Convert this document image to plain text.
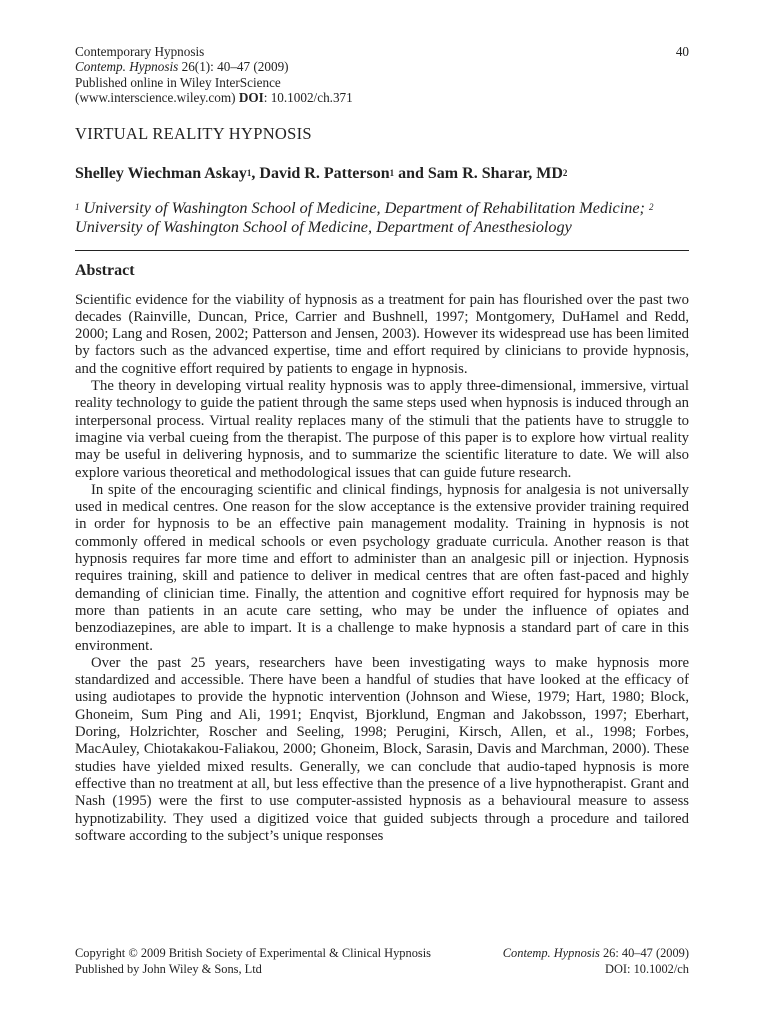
Contemporary Hypnosis	40
Contemp. Hypnosis 26(1): 40–47 (2009)
Published online in Wiley InterScience
(www.interscience.wiley.com) DOI: 10.1002/ch.371
VIRTUAL REALITY HYPNOSIS
Shelley Wiechman Askay$^1$, David R. Patterson$^1$ and Sam R. Sharar, $MD^2$
$^1$ University of Washington School of Medicine, Department of Rehabilitation Medicine; $^2$ University of Washington School of Medicine, Department of Anesthesiology
Abstract

Scientific evidence for the viability of hypnosis as a treatment for pain has flourished over the past two decades (Rainville, Duncan, Price, Carrier and Bushnell, 1997; Montgomery, DuHamel and Redd, 2000; Lang and Rosen, 2002; Patterson and Jensen, 2003). However its widespread use has been limited by factors such as the advanced expertise, time and effort required by clinicians to provide hypnosis, and the cognitive effort required by patients to engage in hypnosis.

The theory in developing virtual reality hypnosis was to apply three-dimensional, immersive, virtual reality technology to guide the patient through the same steps used when hypnosis is induced through an interpersonal process. Virtual reality replaces many of the stimuli that the patients have to struggle to imagine via verbal cueing from the therapist. The purpose of this paper is to explore how virtual reality may be useful in delivering hypnosis, and to summarize the scientific literature to date. We will also explore various theoretical and methodological issues that can guide future research.

In spite of the encouraging scientific and clinical findings, hypnosis for analgesia is not universally used in medical centres. One reason for the slow acceptance is the extensive provider training required in order for hypnosis to be an effective pain management modality. Training in hypnosis is not commonly offered in medical schools or even psychology graduate curricula. Another reason is that hypnosis requires far more time and effort to administer than an analgesic pill or injection. Hypnosis requires training, skill and patience to deliver in medical centres that are often fast-paced and highly demanding of clinician time. Finally, the attention and cognitive effort required for hypnosis may be more than patients in an acute care setting, who may be under the influence of opiates and benzodiazepines, are able to impart. It is a challenge to make hypnosis a standard part of care in this environment.

Over the past 25 years, researchers have been investigating ways to make hypnosis more standardized and accessible. There have been a handful of studies that have looked at the efficacy of using audiotapes to provide the hypnotic intervention (Johnson and Wiese, 1979; Hart, 1980; Block, Ghoneim, Sum Ping and Ali, 1991; Enqvist, Bjorklund, Engman and Jakobsson, 1997; Eberhart, Doring, Holzrichter, Roscher and Seeling, 1998; Perugini, Kirsch, Allen, et al., 1998; Forbes, MacAuley, Chiotakakou-Faliakou, 2000; Ghoneim, Block, Sarasin, Davis and Marchman, 2000). These studies have yielded mixed results. Generally, we can conclude that audio-taped hypnosis is more effective than no treatment at all, but less effective than the presence of a live hypnotherapist. Grant and Nash (1995) were the first to use computer-assisted hypnosis as a behavioural measure to assess hypnotizability. They used a digitized voice that guided subjects through a procedure and tailored software according to the subject’s unique responses

Copyright © 2009 British Society of Experimental & Clinical Hypnosis
Published by John Wiley & Sons, Ltd
Contemp. Hypnosis 26: 40–47 (2009)
DOI: 10.1002/ch
